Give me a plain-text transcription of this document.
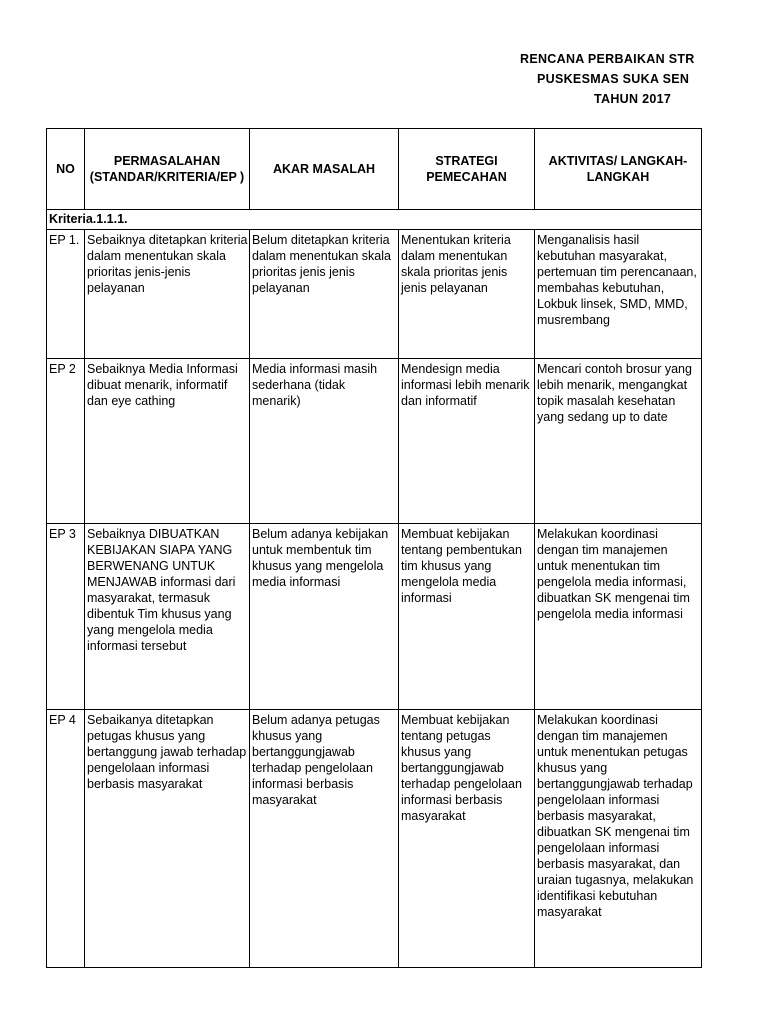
RENCANA PERBAIKAN STR
PUSKESMAS SUKA SEN
TAHUN 2017
NO	PERMASALAHAN (STANDAR/KRITERIA/EP )	AKAR MASALAH	STRATEGI PEMECAHAN	AKTIVITAS/ LANGKAH-LANGKAH
Kriteria.1.1.1.				
EP 1.	Sebaiknya ditetapkan kriteria dalam menentukan skala prioritas jenis-jenis pelayanan	Belum ditetapkan kriteria dalam menentukan skala prioritas jenis jenis pelayanan	Menentukan kriteria dalam menentukan skala prioritas jenis jenis pelayanan	Menganalisis hasil kebutuhan masyarakat, pertemuan tim perencanaan, membahas kebutuhan, Lokbuk linsek, SMD, MMD, musrembang
EP 2	Sebaiknya Media Informasi dibuat menarik, informatif dan eye cathing	Media informasi masih sederhana (tidak menarik)	Mendesign media informasi lebih menarik dan informatif	Mencari contoh brosur yang lebih menarik, mengangkat topik masalah kesehatan yang sedang up to date
EP 3	Sebaiknya DIBUATKAN KEBIJAKAN SIAPA YANG BERWENANG UNTUK MENJAWAB informasi dari masyarakat, termasuk dibentuk Tim khusus yang yang mengelola media informasi tersebut	Belum adanya kebijakan untuk membentuk tim khusus yang mengelola media informasi	Membuat kebijakan tentang pembentukan tim khusus yang mengelola media informasi	Melakukan koordinasi dengan tim manajemen untuk menentukan tim pengelola media informasi, dibuatkan SK mengenai tim pengelola media informasi
EP 4	Sebaikanya ditetapkan petugas khusus yang bertanggung jawab terhadap pengelolaan informasi berbasis masyarakat	Belum adanya petugas khusus yang bertanggungjawab terhadap pengelolaan informasi berbasis masyarakat	Membuat kebijakan tentang petugas khusus yang bertanggungjawab terhadap pengelolaan informasi berbasis masyarakat	Melakukan koordinasi dengan tim manajemen untuk menentukan petugas khusus yang bertanggungjawab terhadap pengelolaan informasi berbasis masyarakat, dibuatkan SK mengenai tim pengelolaan informasi berbasis masyarakat, dan uraian tugasnya, melakukan identifikasi kebutuhan masyarakat
